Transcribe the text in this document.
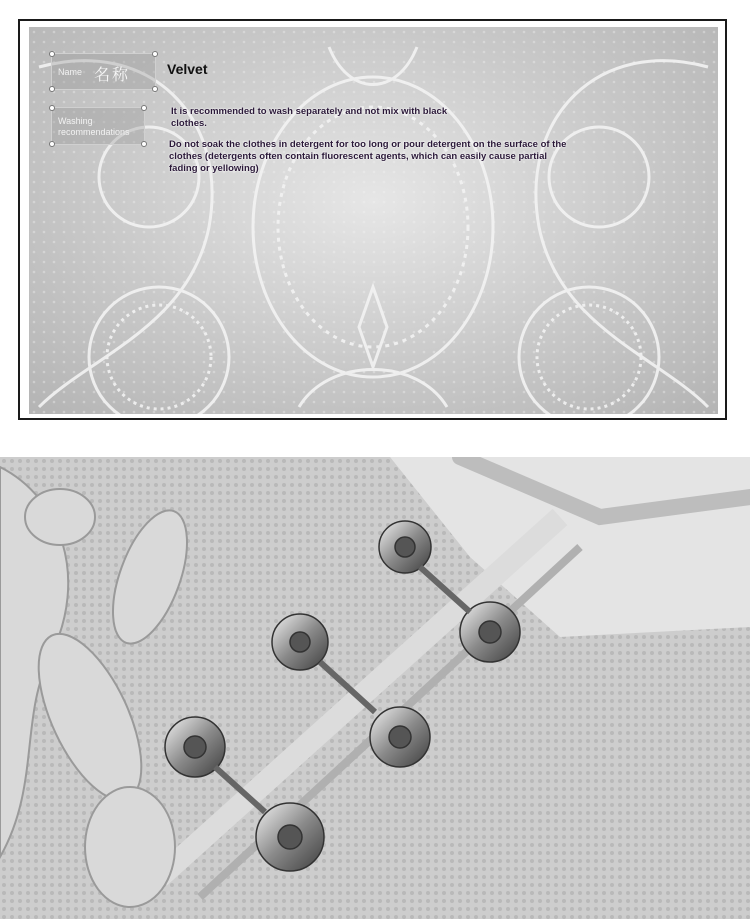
Name 名称	Velvet
Washing recommendations
It is recommended to wash separately and not mix with black clothes.
Do not soak the clothes in detergent for too long or pour detergent on the surface of the clothes (detergents often contain fluorescent agents, which can easily cause partial fading or yellowing)
